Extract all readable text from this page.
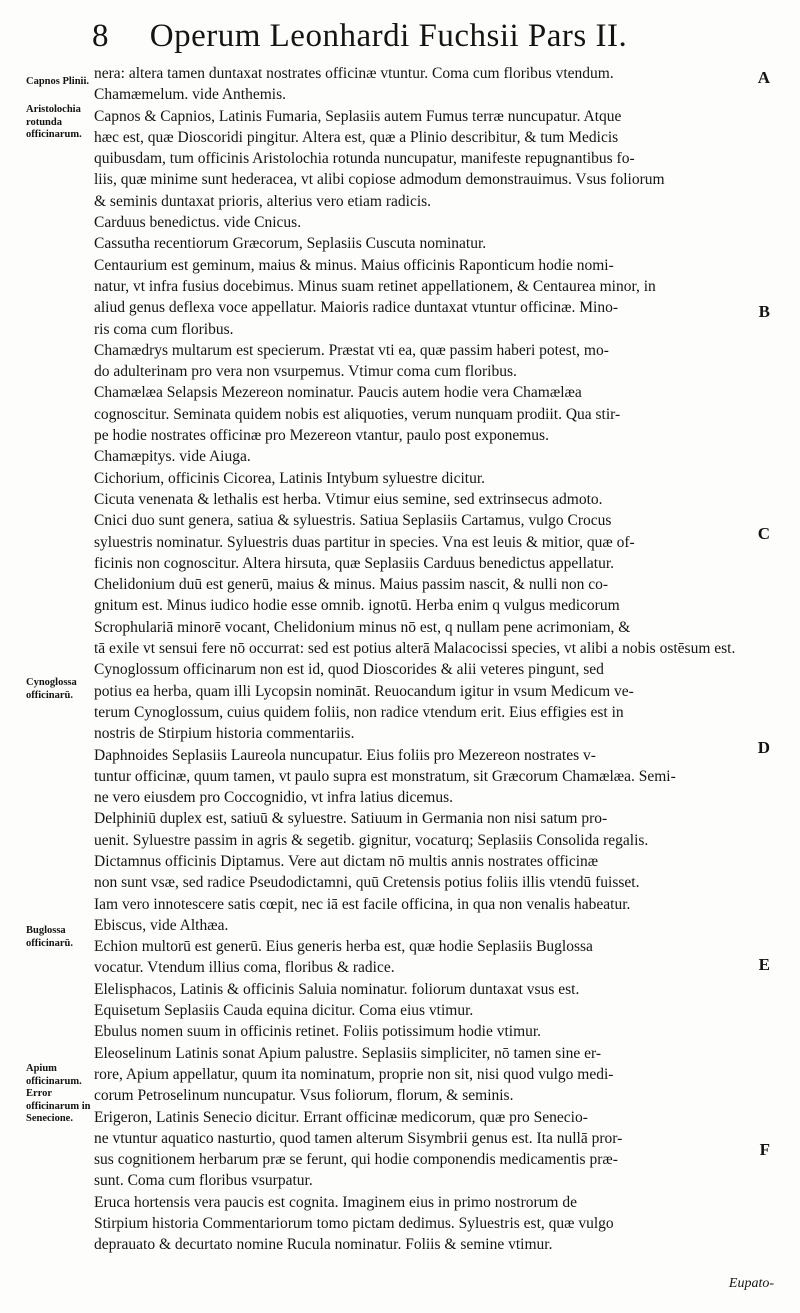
8 Operum Leonhardi Fuchsii Pars II.
Capnos Plinii.
Aristolochia rotunda officinarum.
Cynoglossa officinarū.
Buglossa officinarū.
Apium officinarum. Error officinarum in Senecione.
A
B
C
D
E
F
nera: altera tamen duntaxat nostrates officinæ vtuntur. Coma cum floribus vtendum.
Chamæmelum. vide Anthemis.
Capnos & Capnios, Latinis Fumaria, Seplasiis autem Fumus terræ nuncupatur. Atque
hæc est, quæ Dioscoridi pingitur. Altera est, quæ a Plinio describitur, & tum Medicis
quibusdam, tum officinis Aristolochia rotunda nuncupatur, manifeste repugnantibus fo-
liis, quæ minime sunt hederacea, vt alibi copiose admodum demonstrauimus. Vsus foliorum
& seminis duntaxat prioris, alterius vero etiam radicis.
Carduus benedictus. vide Cnicus.
Cassutha recentiorum Græcorum, Seplasiis Cuscuta nominatur.
Centaurium est geminum, maius & minus. Maius officinis Raponticum hodie nomi-
natur, vt infra fusius docebimus. Minus suam retinet appellationem, & Centaurea minor, in
aliud genus deflexa voce appellatur. Maioris radice duntaxat vtuntur officinæ. Mino-
ris coma cum floribus.
Chamædrys multarum est specierum. Præstat vti ea, quæ passim haberi potest, mo-
do adulterinam pro vera non vsurpemus. Vtimur coma cum floribus.
Chamælæa Selapsis Mezereon nominatur. Paucis autem hodie vera Chamælæa
cognoscitur. Seminata quidem nobis est aliquoties, verum nunquam prodiit. Qua stir-
pe hodie nostrates officinæ pro Mezereon vtantur, paulo post exponemus.
Chamæpitys. vide Aiuga.
Cichorium, officinis Cicorea, Latinis Intybum syluestre dicitur.
Cicuta venenata & lethalis est herba. Vtimur eius semine, sed extrinsecus admoto.
Cnici duo sunt genera, satiua & syluestris. Satiua Seplasiis Cartamus, vulgo Crocus
syluestris nominatur. Syluestris duas partitur in species. Vna est leuis & mitior, quæ of-
ficinis non cognoscitur. Altera hirsuta, quæ Seplasiis Carduus benedictus appellatur.
Chelidonium duū est generū, maius & minus. Maius passim nascit, & nulli non co-
gnitum est. Minus iudico hodie esse omnib. ignotū. Herba enim q vulgus medicorum
Scrophulariā minorē vocant, Chelidonium minus nō est, q nullam pene acrimoniam, &
tā exile vt sensui fere nō occurrat: sed est potius alterā Malacocissi species, vt alibi a nobis ostēsum est.
Cynoglossum officinarum non est id, quod Dioscorides & alii veteres pingunt, sed
potius ea herba, quam illi Lycopsin nomināt. Reuocandum igitur in vsum Medicum ve-
terum Cynoglossum, cuius quidem foliis, non radice vtendum erit. Eius effigies est in
nostris de Stirpium historia commentariis.
Daphnoides Seplasiis Laureola nuncupatur. Eius foliis pro Mezereon nostrates v-
tuntur officinæ, quum tamen, vt paulo supra est monstratum, sit Græcorum Chamælæa. Semi-
ne vero eiusdem pro Coccognidio, vt infra latius dicemus.
Delphiniū duplex est, satiuū & syluestre. Satiuum in Germania non nisi satum pro-
uenit. Syluestre passim in agris & segetib. gignitur, vocaturq; Seplasiis Consolida regalis.
Dictamnus officinis Diptamus. Vere aut dictam nō multis annis nostrates officinæ
non sunt vsæ, sed radice Pseudodictamni, quū Cretensis potius foliis illis vtendū fuisset.
Iam vero innotescere satis cœpit, nec iā est facile officina, in qua non venalis habeatur.
Ebiscus, vide Althæa.
Echion multorū est generū. Eius generis herba est, quæ hodie Seplasiis Buglossa
vocatur. Vtendum illius coma, floribus & radice.
Elelisphacos, Latinis & officinis Saluia nominatur. foliorum duntaxat vsus est.
Equisetum Seplasiis Cauda equina dicitur. Coma eius vtimur.
Ebulus nomen suum in officinis retinet. Foliis potissimum hodie vtimur.
Eleoselinum Latinis sonat Apium palustre. Seplasiis simpliciter, nō tamen sine er-
rore, Apium appellatur, quum ita nominatum, proprie non sit, nisi quod vulgo medi-
corum Petroselinum nuncupatur. Vsus foliorum, florum, & seminis.
Erigeron, Latinis Senecio dicitur. Errant officinæ medicorum, quæ pro Senecio-
ne vtuntur aquatico nasturtio, quod tamen alterum Sisymbrii genus est. Ita nullā pror-
sus cognitionem herbarum præ se ferunt, qui hodie componendis medicamentis præ-
sunt. Coma cum floribus vsurpatur.
Eruca hortensis vera paucis est cognita. Imaginem eius in primo nostrorum de
Stirpium historia Commentariorum tomo pictam dedimus. Syluestris est, quæ vulgo
deprauato & decurtato nomine Rucula nominatur. Foliis & semine vtimur.
Eupato-
